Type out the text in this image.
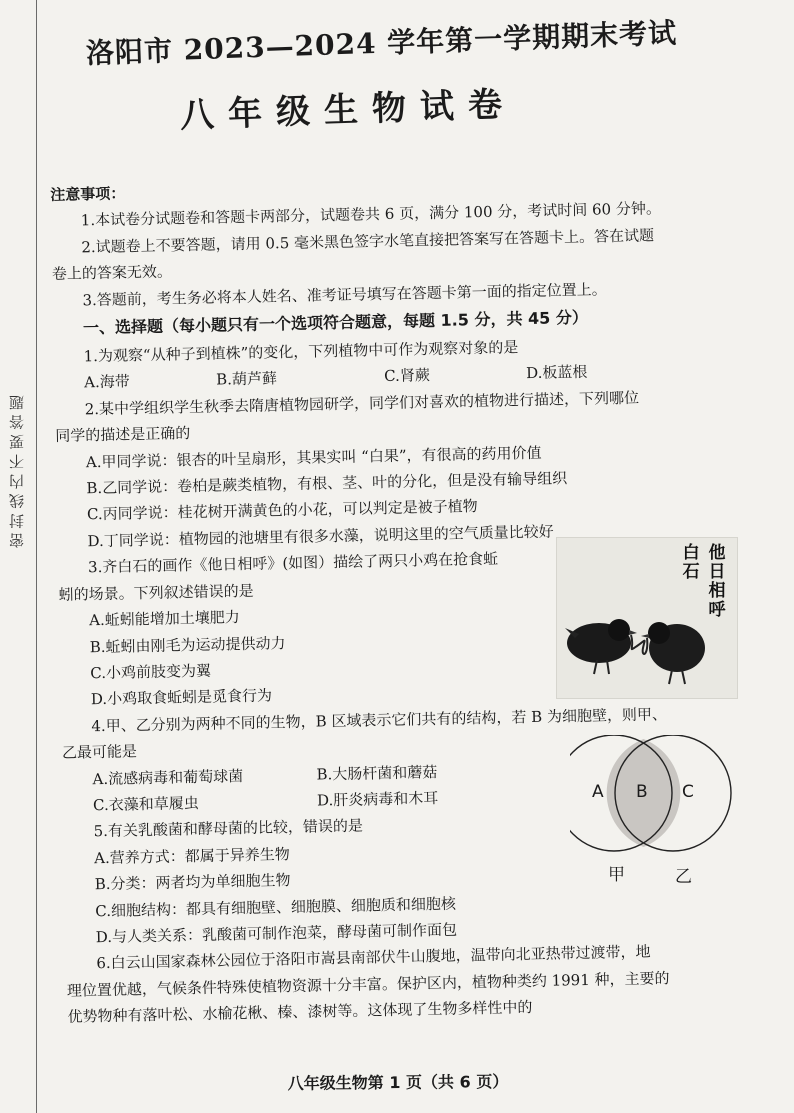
密 封 线 内 不 要 答 题
洛阳市 2023—2024 学年第一学期期末考试
八年级生物试卷
注意事项：
1.本试卷分试题卷和答题卡两部分，试题卷共 6 页，满分 100 分，考试时间 60 分钟。
2.试题卷上不要答题，请用 0.5 毫米黑色签字水笔直接把答案写在答题卡上。答在试题
卷上的答案无效。
3.答题前，考生务必将本人姓名、准考证号填写在答题卡第一面的指定位置上。
一、选择题（每小题只有一个选项符合题意，每题 1.5 分，共 45 分）
1.为观察“从种子到植株”的变化，下列植物中可作为观察对象的是
A.海带	B.葫芦藓	C.肾蕨	D.板蓝根
2.某中学组织学生秋季去隋唐植物园研学，同学们对喜欢的植物进行描述，下列哪位
同学的描述是正确的
A.甲同学说：银杏的叶呈扇形，其果实叫 “白果”，有很高的药用价值
B.乙同学说：卷柏是蕨类植物，有根、茎、叶的分化，但是没有输导组织
C.丙同学说：桂花树开满黄色的小花，可以判定是被子植物
D.丁同学说：植物园的池塘里有很多水藻，说明这里的空气质量比较好
3.齐白石的画作《他日相呼》(如图）描绘了两只小鸡在抢食蚯
蚓的场景。下列叙述错误的是
A.蚯蚓能增加土壤肥力
B.蚯蚓由刚毛为运动提供动力
C.小鸡前肢变为翼
D.小鸡取食蚯蚓是觅食行为
4.甲、乙分别为两种不同的生物，B 区域表示它们共有的结构，若 B 为细胞壁，则甲、
乙最可能是
A.流感病毒和葡萄球菌	B.大肠杆菌和蘑菇
C.衣藻和草履虫	D.肝炎病毒和木耳
5.有关乳酸菌和酵母菌的比较，错误的是
A.营养方式：都属于异养生物
B.分类：两者均为单细胞生物
C.细胞结构：都具有细胞壁、细胞膜、细胞质和细胞核
D.与人类关系：乳酸菌可制作泡菜，酵母菌可制作面包
6.白云山国家森林公园位于洛阳市嵩县南部伏牛山腹地，温带向北亚热带过渡带，地
理位置优越，气候条件特殊使植物资源十分丰富。保护区内，植物种类约 1991 种，主要的
优势物种有落叶松、水榆花楸、榛、漆树等。这体现了生物多样性中的
白石 他日相呼
A B C
甲	乙
八年级生物第 1 页（共 6 页）
